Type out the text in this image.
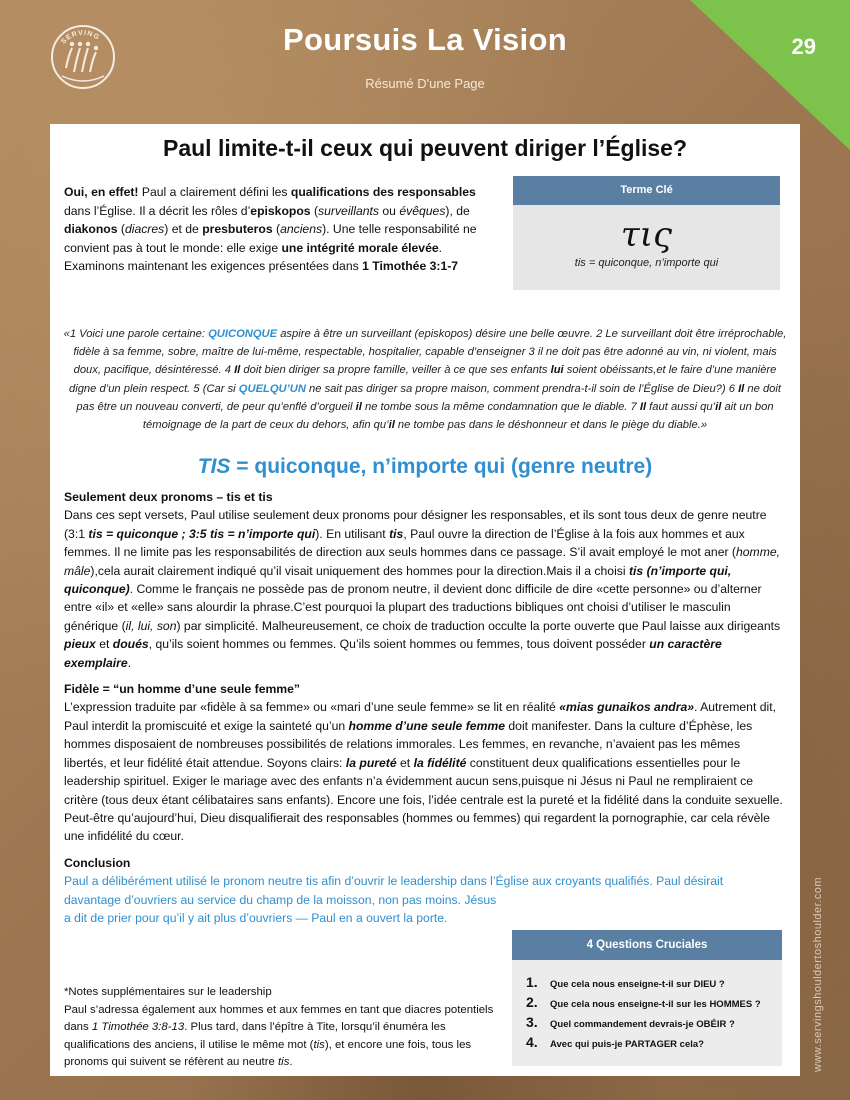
SERVING	Poursuis La Vision
Résumé D'une Page
29
Paul limite-t-il ceux qui peuvent diriger l’Église?
Oui, en effet! Paul a clairement défini les qualifications des responsables dans l’Église. Il a décrit les rôles d’episkopos (surveillants ou évêques), de diakonos (diacres) et de presbuteros (anciens). Une telle responsabilité ne convient pas à tout le monde: elle exige une intégrité morale élevée. Examinons maintenant les exigences présentées dans 1 Timothée 3:1-7
Terme Clé
τις
tis = quiconque, n’importe qui
«1 Voici une parole certaine: QUICONQUE aspire à être un surveillant (episkopos) désire une belle œuvre. 2 Le surveillant doit être irréprochable, fidèle à sa femme, sobre, maître de lui-même, respectable, hospitalier, capable d’enseigner 3 il ne doit pas être adonné au vin, ni violent, mais doux, pacifique, désintéressé. 4 Il doit bien diriger sa propre famille, veiller à ce que ses enfants lui soient obéissants,et le faire d’une manière digne d’un plein respect. 5 (Car si QUELQU’UN ne sait pas diriger sa propre maison, comment prendra-t-il soin de l’Église de Dieu?) 6 Il ne doit pas être un nouveau converti, de peur qu’enflé d’orgueil il ne tombe sous la même condamnation que le diable. 7 Il faut aussi qu’il ait un bon témoignage de la part de ceux du dehors, afin qu’il ne tombe pas dans le déshonneur et dans le piège du diable.»
TIS = quiconque, n’importe qui (genre neutre)
Seulement deux pronoms – tis et tis
Dans ces sept versets, Paul utilise seulement deux pronoms pour désigner les responsables, et ils sont tous deux de genre neutre (3:1 tis = quiconque ; 3:5 tis = n’importe qui). En utilisant tis, Paul ouvre la direction de l’Église à la fois aux hommes et aux femmes. Il ne limite pas les responsabilités de direction aux seuls hommes dans ce passage. S’il avait employé le mot aner (homme, mâle),cela aurait clairement indiqué qu’il visait uniquement des hommes pour la direction.Mais il a choisi tis (n’importe qui, quiconque). Comme le français ne possède pas de pronom neutre, il devient donc difficile de dire «cette personne» ou d’alterner entre «il» et «elle» sans alourdir la phrase.C’est pourquoi la plupart des traductions bibliques ont choisi d’utiliser le masculin générique (il, lui, son) par simplicité. Malheureusement, ce choix de traduction occulte la porte ouverte que Paul laisse aux dirigeants pieux et doués, qu’ils soient hommes ou femmes. Qu’ils soient hommes ou femmes, tous doivent posséder un caractère exemplaire.
Fidèle = “un homme d’une seule femme”
L’expression traduite par «fidèle à sa femme» ou «mari d’une seule femme» se lit en réalité «mias gunaikos andra». Autrement dit, Paul interdit la promiscuité et exige la sainteté qu’un homme d’une seule femme doit manifester. Dans la culture d’Éphèse, les hommes disposaient de nombreuses possibilités de relations immorales. Les femmes, en revanche, n’avaient pas les mêmes libertés, et leur fidélité était attendue. Soyons clairs: la pureté et la fidélité constituent deux qualifications essentielles pour le leadership spirituel. Exiger le mariage avec des enfants n’a évidemment aucun sens,puisque ni Jésus ni Paul ne rempliraient ce critère (tous deux étant célibataires sans enfants). Encore une fois, l’idée centrale est la pureté et la fidélité dans la conduite sexuelle. Peut-être qu’aujourd’hui, Dieu disqualifierait des responsables (hommes ou femmes) qui regardent la pornographie, car cela révèle une infidélité du cœur.
Conclusion
Paul a délibérément utilisé le pronom neutre tis afin d’ouvrir le leadership dans l’Église aux croyants qualifiés. Paul désirait
davantage d’ouvriers au service du champ de la moisson, non pas moins. Jésus a dit de prier pour qu’il y ait plus d’ouvriers — Paul en a ouvert la porte.
*Notes supplémentaires sur le leadership
Paul s’adressa également aux hommes et aux femmes en tant que diacres potentiels dans 1 Timothée 3:8-13. Plus tard, dans l’épître à Tite, lorsqu’il énuméra les qualifications des anciens, il utilise le même mot (tis), et encore une fois, tous les pronoms qui suivent se réfèrent au neutre tis.
4 Questions Cruciales
1. Que cela nous enseigne-t-il sur DIEU ?
2. Que cela nous enseigne-t-il sur les HOMMES ?
3. Quel commandement devrais-je OBÉIR ?
4. Avec qui puis-je PARTAGER cela?	www.servingshouldertoshoulder.com
